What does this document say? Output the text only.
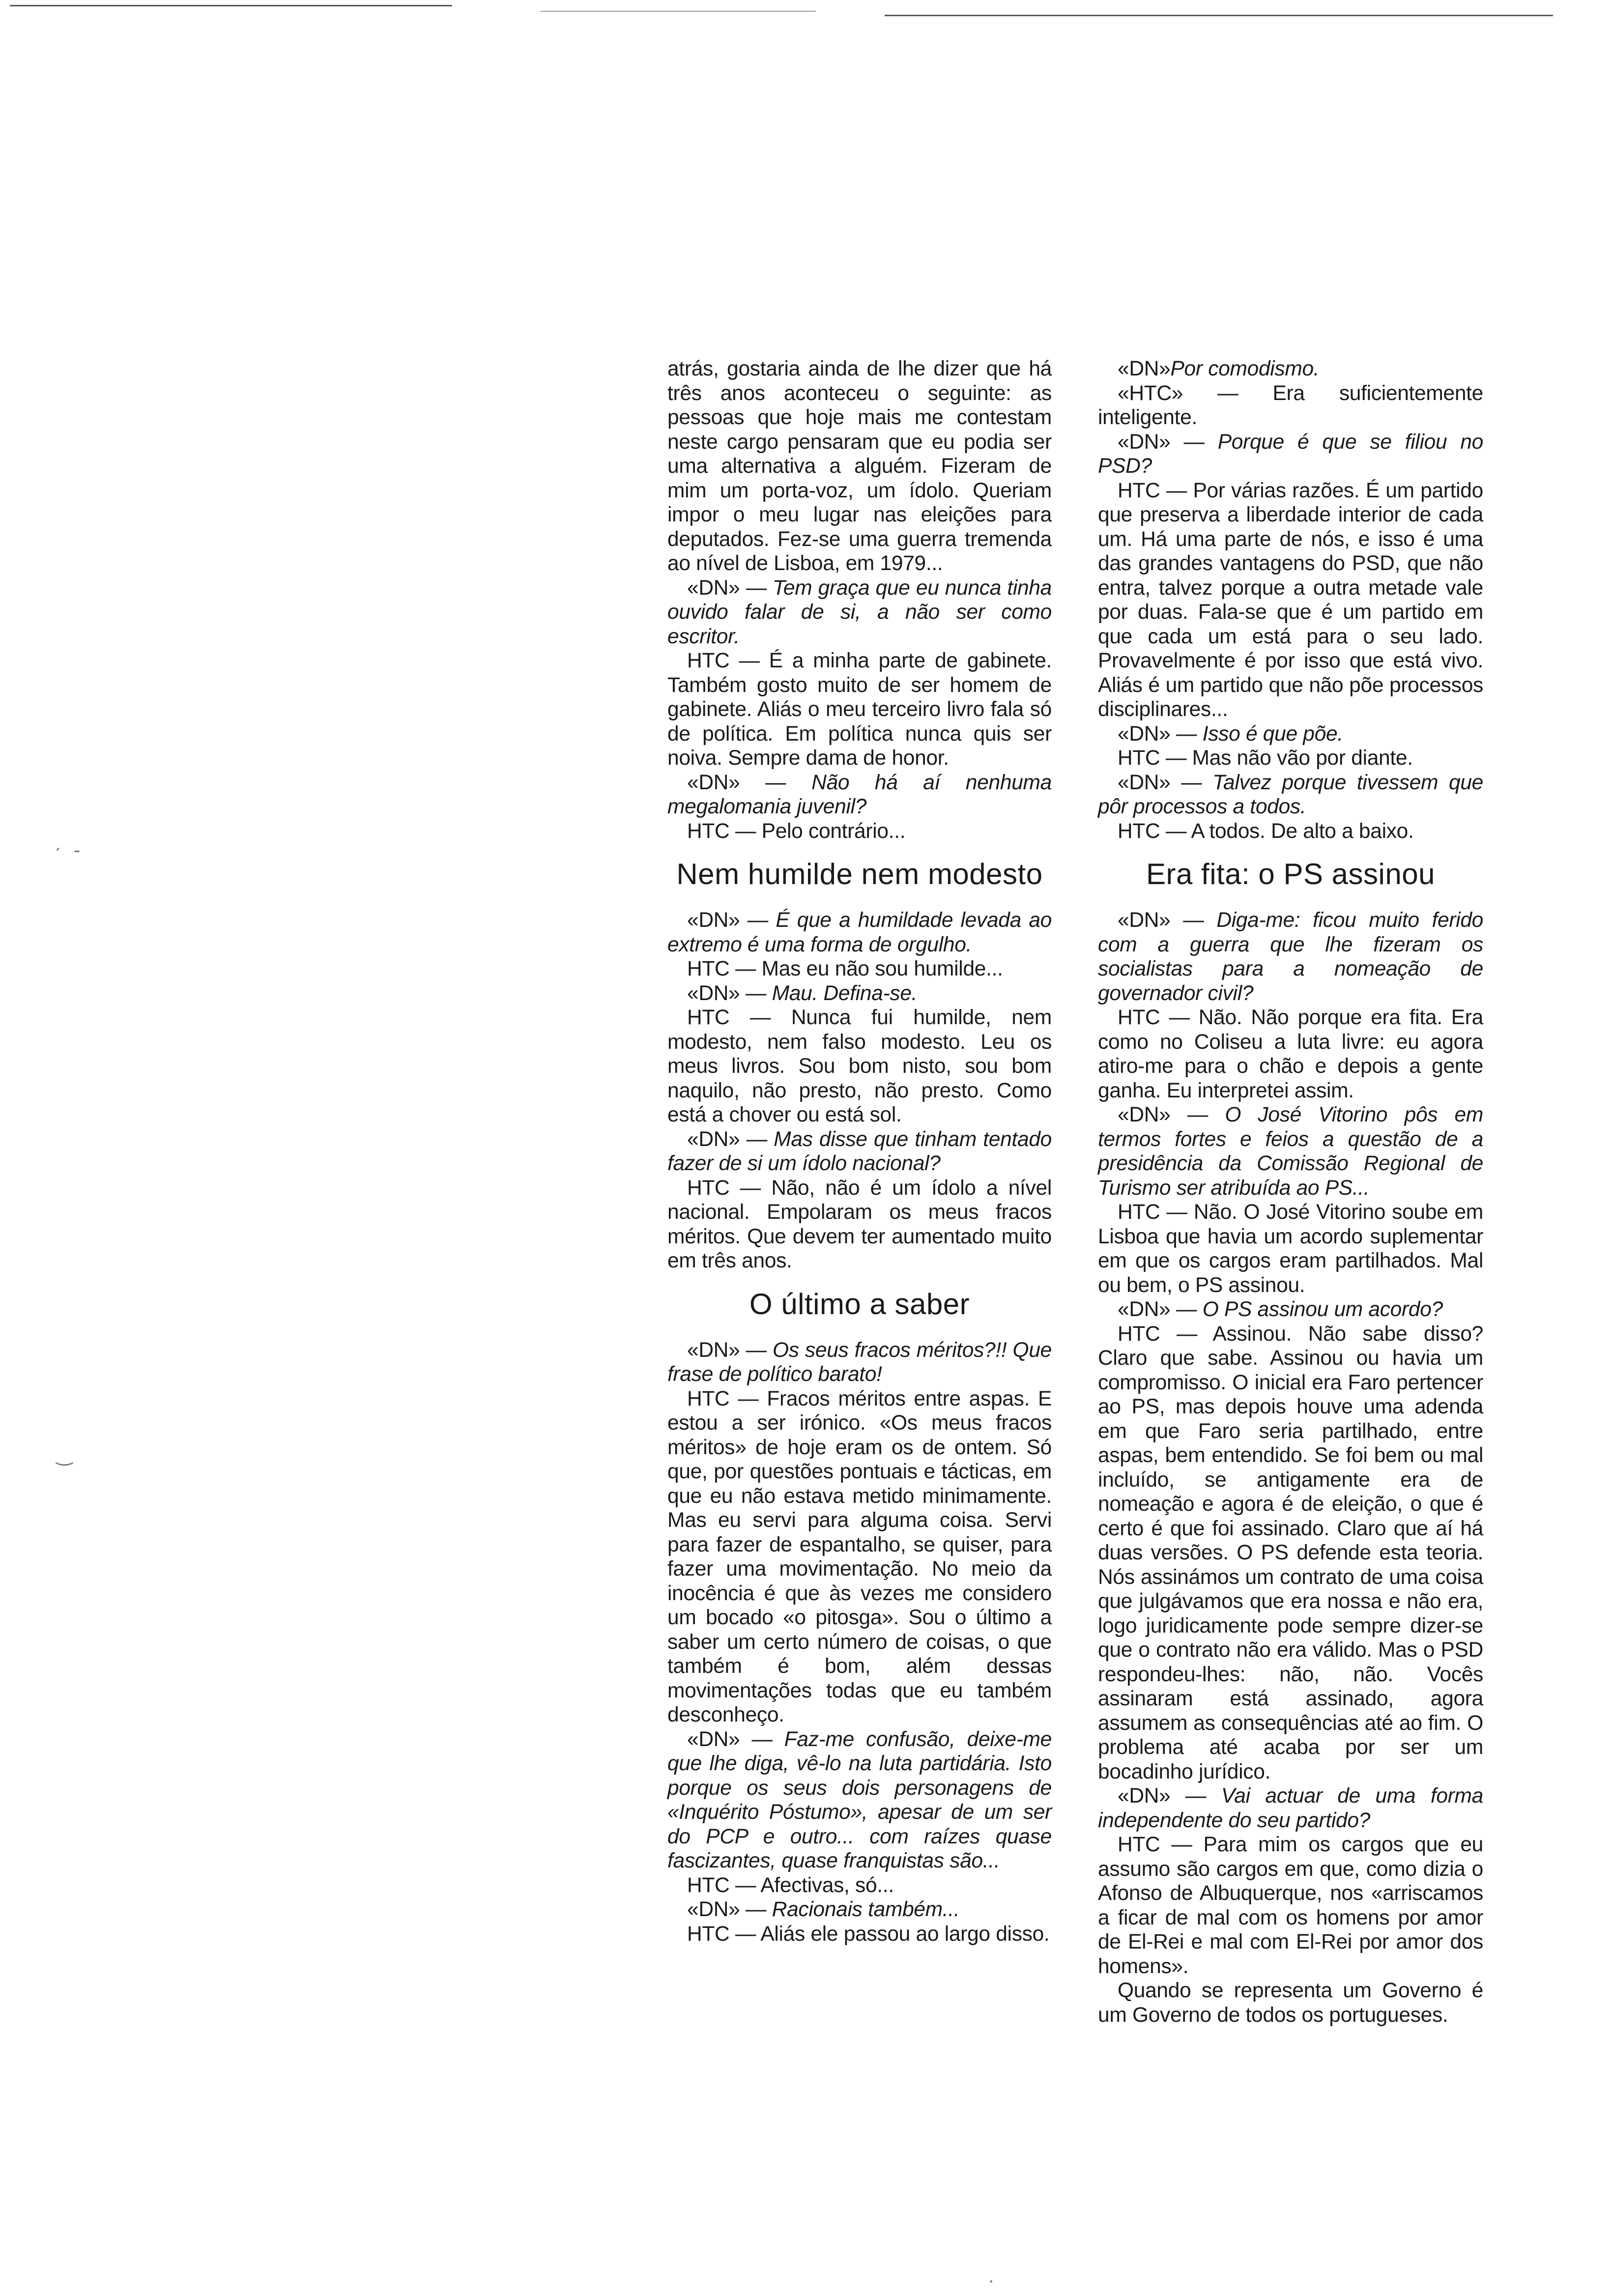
ˏ -
‿
·

atrás, gostaria ainda de lhe dizer que há três anos aconteceu o seguinte: as pessoas que hoje mais me contestam neste cargo pensaram que eu podia ser uma alternativa a alguém. Fizeram de mim um porta-voz, um ídolo. Queriam impor o meu lugar nas eleições para deputados. Fez-se uma guerra tremenda ao nível de Lisboa, em 1979...

«DN» — Tem graça que eu nunca tinha ouvido falar de si, a não ser como escritor.

HTC — É a minha parte de gabinete. Também gosto muito de ser homem de gabinete. Aliás o meu terceiro livro fala só de política. Em política nunca quis ser noiva. Sempre dama de honor.

«DN» — Não há aí nenhuma megalomania juvenil?

HTC — Pelo contrário...

Nem humilde nem modesto

«DN» — É que a humildade levada ao extremo é uma forma de orgulho.

HTC — Mas eu não sou humilde...

«DN» — Mau. Defina-se.

HTC — Nunca fui humilde, nem modesto, nem falso modesto. Leu os meus livros. Sou bom nisto, sou bom naquilo, não presto, não presto. Como está a chover ou está sol.

«DN» — Mas disse que tinham tentado fazer de si um ídolo nacional?

HTC — Não, não é um ídolo a nível nacional. Empolaram os meus fracos méritos. Que devem ter aumentado muito em três anos.

O último a saber

«DN» — Os seus fracos méritos?!! Que frase de político barato!

HTC — Fracos méritos entre aspas. E estou a ser irónico. «Os meus fracos méritos» de hoje eram os de ontem. Só que, por questões pontuais e tácticas, em que eu não estava metido minimamente. Mas eu servi para alguma coisa. Servi para fazer de espantalho, se quiser, para fazer uma movimentação. No meio da inocência é que às vezes me considero um bocado «o pitosga». Sou o último a saber um certo número de coisas, o que também é bom, além dessas movimentações todas que eu também desconheço.

«DN» — Faz-me confusão, deixe-me que lhe diga, vê-lo na luta partidária. Isto porque os seus dois personagens de «Inquérito Póstumo», apesar de um ser do PCP e outro... com raízes quase fascizantes, quase franquistas são...

HTC — Afectivas, só...

«DN» — Racionais também...

HTC — Aliás ele passou ao largo disso.

«DN»Por comodismo.

«HTC» — Era suficientemente inteligente.

«DN» — Porque é que se filiou no PSD?

HTC — Por várias razões. É um partido que preserva a liberdade interior de cada um. Há uma parte de nós, e isso é uma das grandes vantagens do PSD, que não entra, talvez porque a outra metade vale por duas. Fala-se que é um partido em que cada um está para o seu lado. Provavelmente é por isso que está vivo. Aliás é um partido que não põe processos disciplinares...

«DN» — Isso é que põe.

HTC — Mas não vão por diante.

«DN» — Talvez porque tivessem que pôr processos a todos.

HTC — A todos. De alto a baixo.

Era fita: o PS assinou

«DN» — Diga-me: ficou muito ferido com a guerra que lhe fizeram os socialistas para a nomeação de governador civil?

HTC — Não. Não porque era fita. Era como no Coliseu a luta livre: eu agora atiro-me para o chão e depois a gente ganha. Eu interpretei assim.

«DN» — O José Vitorino pôs em termos fortes e feios a questão de a presidência da Comissão Regional de Turismo ser atribuída ao PS...

HTC — Não. O José Vitorino soube em Lisboa que havia um acordo suplementar em que os cargos eram partilhados. Mal ou bem, o PS assinou.

«DN» — O PS assinou um acordo?

HTC — Assinou. Não sabe disso? Claro que sabe. Assinou ou havia um compromisso. O inicial era Faro pertencer ao PS, mas depois houve uma adenda em que Faro seria partilhado, entre aspas, bem entendido. Se foi bem ou mal incluído, se antigamente era de nomeação e agora é de eleição, o que é certo é que foi assinado. Claro que aí há duas versões. O PS defende esta teoria. Nós assinámos um contrato de uma coisa que julgávamos que era nossa e não era, logo juridicamente pode sempre dizer-se que o contrato não era válido. Mas o PSD respondeu-lhes: não, não. Vocês assinaram está assinado, agora assumem as consequências até ao fim. O problema até acaba por ser um bocadinho jurídico.

«DN» — Vai actuar de uma forma independente do seu partido?

HTC — Para mim os cargos que eu assumo são cargos em que, como dizia o Afonso de Albuquerque, nos «arriscamos a ficar de mal com os homens por amor de El-Rei e mal com El-Rei por amor dos homens».

Quando se representa um Governo é um Governo de todos os portugueses.
